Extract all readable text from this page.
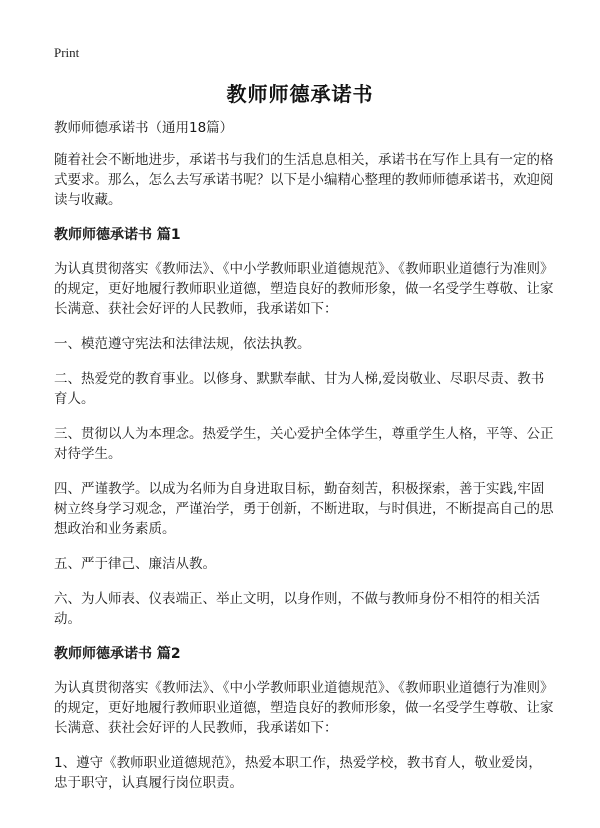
Print
教师师德承诺书

教师师德承诺书（通用18篇）

随着社会不断地进步，承诺书与我们的生活息息相关，承诺书在写作上具有一定的格式要求。那么，怎么去写承诺书呢？以下是小编精心整理的教师师德承诺书，欢迎阅读与收藏。

教师师德承诺书 篇1

为认真贯彻落实《教师法》、《中小学教师职业道德规范》、《教师职业道德行为准则》的规定，更好地履行教师职业道德，塑造良好的教师形象，做一名受学生尊敬、让家长满意、获社会好评的人民教师，我承诺如下：

一、模范遵守宪法和法律法规，依法执教。

二、热爱党的教育事业。以修身、默默奉献、甘为人梯,爱岗敬业、尽职尽责、教书育人。

三、贯彻以人为本理念。热爱学生，关心爱护全体学生，尊重学生人格，平等、公正对待学生。

四、严谨教学。以成为名师为自身进取目标，勤奋刻苦，积极探索，善于实践,牢固树立终身学习观念，严谨治学，勇于创新，不断进取，与时俱进，不断提高自己的思想政治和业务素质。

五、严于律己、廉洁从教。

六、为人师表、仪表端正、举止文明，以身作则，不做与教师身份不相符的相关活动。

教师师德承诺书 篇2

为认真贯彻落实《教师法》、《中小学教师职业道德规范》、《教师职业道德行为准则》的规定，更好地履行教师职业道德，塑造良好的教师形象，做一名受学生尊敬、让家长满意、获社会好评的人民教师，我承诺如下：

1、遵守《教师职业道德规范》，热爱本职工作，热爱学校，教书育人，敬业爱岗，忠于职守，认真履行岗位职责。
